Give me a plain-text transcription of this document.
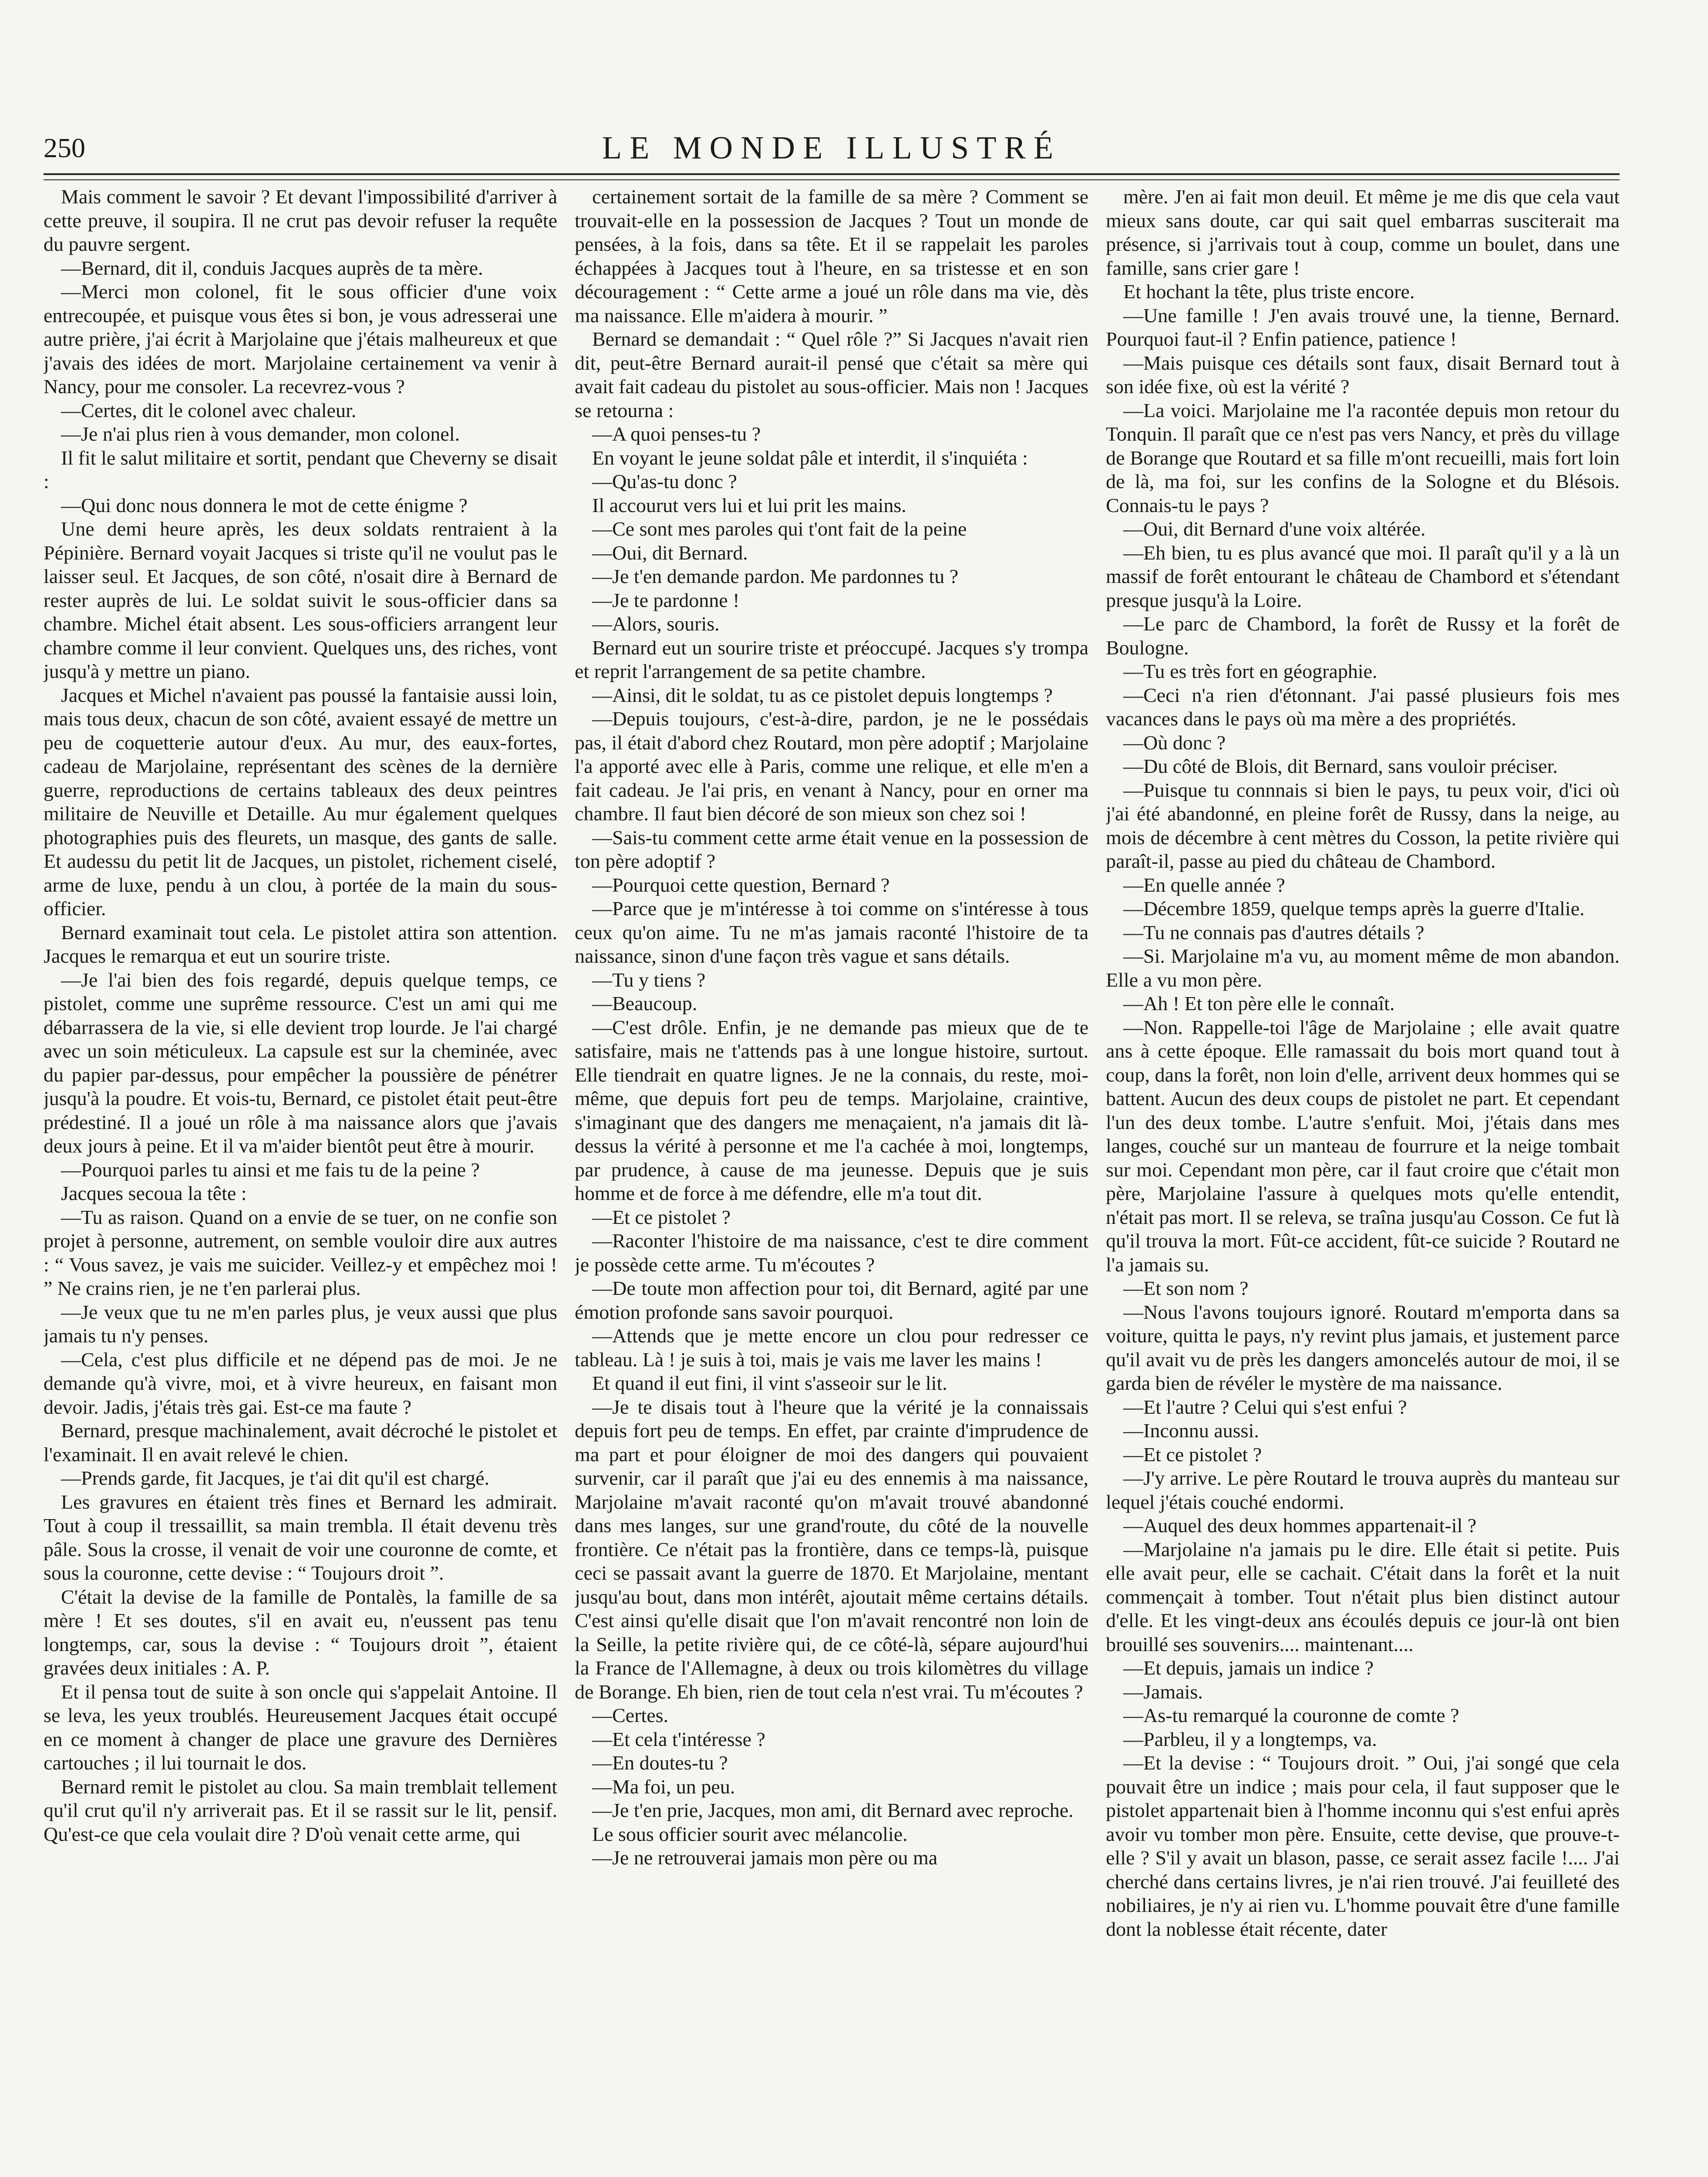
250	LE MONDE ILLUSTRÉ

Mais comment le savoir ? Et devant l'impossibilité d'arriver à cette preuve, il soupira. Il ne crut pas devoir refuser la requête du pauvre sergent.

—Bernard, dit il, conduis Jacques auprès de ta mère.

—Merci mon colonel, fit le sous officier d'une voix entrecoupée, et puisque vous êtes si bon, je vous adresserai une autre prière, j'ai écrit à Marjolaine que j'étais malheureux et que j'avais des idées de mort. Marjolaine certainement va venir à Nancy, pour me consoler. La recevrez-vous ?

—Certes, dit le colonel avec chaleur.

—Je n'ai plus rien à vous demander, mon colonel.

Il fit le salut militaire et sortit, pendant que Cheverny se disait :

—Qui donc nous donnera le mot de cette énigme ?

Une demi heure après, les deux soldats rentraient à la Pépinière. Bernard voyait Jacques si triste qu'il ne voulut pas le laisser seul. Et Jacques, de son côté, n'osait dire à Bernard de rester auprès de lui. Le soldat suivit le sous-officier dans sa chambre. Michel était absent. Les sous-officiers arrangent leur chambre comme il leur convient. Quelques uns, des riches, vont jusqu'à y mettre un piano.

Jacques et Michel n'avaient pas poussé la fantaisie aussi loin, mais tous deux, chacun de son côté, avaient essayé de mettre un peu de coquetterie autour d'eux. Au mur, des eaux-fortes, cadeau de Marjolaine, représentant des scènes de la dernière guerre, reproductions de certains tableaux des deux peintres militaire de Neuville et Detaille. Au mur également quelques photographies puis des fleurets, un masque, des gants de salle. Et audessu du petit lit de Jacques, un pistolet, richement ciselé, arme de luxe, pendu à un clou, à portée de la main du sous-officier.

Bernard examinait tout cela. Le pistolet attira son attention. Jacques le remarqua et eut un sourire triste.

—Je l'ai bien des fois regardé, depuis quelque temps, ce pistolet, comme une suprême ressource. C'est un ami qui me débarrassera de la vie, si elle devient trop lourde. Je l'ai chargé avec un soin méticuleux. La capsule est sur la cheminée, avec du papier par-dessus, pour empêcher la poussière de pénétrer jusqu'à la poudre. Et vois-tu, Bernard, ce pistolet était peut-être prédestiné. Il a joué un rôle à ma naissance alors que j'avais deux jours à peine. Et il va m'aider bientôt peut être à mourir.

—Pourquoi parles tu ainsi et me fais tu de la peine ?

Jacques secoua la tête :

—Tu as raison. Quand on a envie de se tuer, on ne confie son projet à personne, autrement, on semble vouloir dire aux autres : “ Vous savez, je vais me suicider. Veillez-y et empêchez moi ! ” Ne crains rien, je ne t'en parlerai plus.

—Je veux que tu ne m'en parles plus, je veux aussi que plus jamais tu n'y penses.

—Cela, c'est plus difficile et ne dépend pas de moi. Je ne demande qu'à vivre, moi, et à vivre heureux, en faisant mon devoir. Jadis, j'étais très gai. Est-ce ma faute ?

Bernard, presque machinalement, avait décroché le pistolet et l'examinait. Il en avait relevé le chien.

—Prends garde, fit Jacques, je t'ai dit qu'il est chargé.

Les gravures en étaient très fines et Bernard les admirait. Tout à coup il tressaillit, sa main trembla. Il était devenu très pâle. Sous la crosse, il venait de voir une couronne de comte, et sous la couronne, cette devise : “ Toujours droit ”.

C'était la devise de la famille de Pontalès, la famille de sa mère ! Et ses doutes, s'il en avait eu, n'eussent pas tenu longtemps, car, sous la devise : “ Toujours droit ”, étaient gravées deux initiales : A. P.

Et il pensa tout de suite à son oncle qui s'appelait Antoine. Il se leva, les yeux troublés. Heureusement Jacques était occupé en ce moment à changer de place une gravure des Dernières cartouches ; il lui tournait le dos.

Bernard remit le pistolet au clou. Sa main tremblait tellement qu'il crut qu'il n'y arriverait pas. Et il se rassit sur le lit, pensif. Qu'est-ce que cela voulait dire ? D'où venait cette arme, qui

certainement sortait de la famille de sa mère ? Comment se trouvait-elle en la possession de Jacques ? Tout un monde de pensées, à la fois, dans sa tête. Et il se rappelait les paroles échappées à Jacques tout à l'heure, en sa tristesse et en son découragement : “ Cette arme a joué un rôle dans ma vie, dès ma naissance. Elle m'aidera à mourir. ”

Bernard se demandait : “ Quel rôle ?” Si Jacques n'avait rien dit, peut-être Bernard aurait-il pensé que c'était sa mère qui avait fait cadeau du pistolet au sous-officier. Mais non ! Jacques se retourna :

—A quoi penses-tu ?

En voyant le jeune soldat pâle et interdit, il s'inquiéta :

—Qu'as-tu donc ?

Il accourut vers lui et lui prit les mains.

—Ce sont mes paroles qui t'ont fait de la peine

—Oui, dit Bernard.

—Je t'en demande pardon. Me pardonnes tu ?

—Je te pardonne !

—Alors, souris.

Bernard eut un sourire triste et préoccupé. Jacques s'y trompa et reprit l'arrangement de sa petite chambre.

—Ainsi, dit le soldat, tu as ce pistolet depuis longtemps ?

—Depuis toujours, c'est-à-dire, pardon, je ne le possédais pas, il était d'abord chez Routard, mon père adoptif ; Marjolaine l'a apporté avec elle à Paris, comme une relique, et elle m'en a fait cadeau. Je l'ai pris, en venant à Nancy, pour en orner ma chambre. Il faut bien décoré de son mieux son chez soi !

—Sais-tu comment cette arme était venue en la possession de ton père adoptif ?

—Pourquoi cette question, Bernard ?

—Parce que je m'intéresse à toi comme on s'intéresse à tous ceux qu'on aime. Tu ne m'as jamais raconté l'histoire de ta naissance, sinon d'une façon très vague et sans détails.

—Tu y tiens ?

—Beaucoup.

—C'est drôle. Enfin, je ne demande pas mieux que de te satisfaire, mais ne t'attends pas à une longue histoire, surtout. Elle tiendrait en quatre lignes. Je ne la connais, du reste, moi-même, que depuis fort peu de temps. Marjolaine, craintive, s'imaginant que des dangers me menaçaient, n'a jamais dit là-dessus la vérité à personne et me l'a cachée à moi, longtemps, par prudence, à cause de ma jeunesse. Depuis que je suis homme et de force à me défendre, elle m'a tout dit.

—Et ce pistolet ?

—Raconter l'histoire de ma naissance, c'est te dire comment je possède cette arme. Tu m'écoutes ?

—De toute mon affection pour toi, dit Bernard, agité par une émotion profonde sans savoir pourquoi.

—Attends que je mette encore un clou pour redresser ce tableau. Là ! je suis à toi, mais je vais me laver les mains !

Et quand il eut fini, il vint s'asseoir sur le lit.

—Je te disais tout à l'heure que la vérité je la connaissais depuis fort peu de temps. En effet, par crainte d'imprudence de ma part et pour éloigner de moi des dangers qui pouvaient survenir, car il paraît que j'ai eu des ennemis à ma naissance, Marjolaine m'avait raconté qu'on m'avait trouvé abandonné dans mes langes, sur une grand'route, du côté de la nouvelle frontière. Ce n'était pas la frontière, dans ce temps-là, puisque ceci se passait avant la guerre de 1870. Et Marjolaine, mentant jusqu'au bout, dans mon intérêt, ajoutait même certains détails. C'est ainsi qu'elle disait que l'on m'avait rencontré non loin de la Seille, la petite rivière qui, de ce côté-là, sépare aujourd'hui la France de l'Allemagne, à deux ou trois kilomètres du village de Borange. Eh bien, rien de tout cela n'est vrai. Tu m'écoutes ?

—Certes.

—Et cela t'intéresse ?

—En doutes-tu ?

—Ma foi, un peu.

—Je t'en prie, Jacques, mon ami, dit Bernard avec reproche.

Le sous officier sourit avec mélancolie.

—Je ne retrouverai jamais mon père ou ma

mère. J'en ai fait mon deuil. Et même je me dis que cela vaut mieux sans doute, car qui sait quel embarras susciterait ma présence, si j'arrivais tout à coup, comme un boulet, dans une famille, sans crier gare !

Et hochant la tête, plus triste encore.

—Une famille ! J'en avais trouvé une, la tienne, Bernard. Pourquoi faut-il ? Enfin patience, patience !

—Mais puisque ces détails sont faux, disait Bernard tout à son idée fixe, où est la vérité ?

—La voici. Marjolaine me l'a racontée depuis mon retour du Tonquin. Il paraît que ce n'est pas vers Nancy, et près du village de Borange que Routard et sa fille m'ont recueilli, mais fort loin de là, ma foi, sur les confins de la Sologne et du Blésois. Connais-tu le pays ?

—Oui, dit Bernard d'une voix altérée.

—Eh bien, tu es plus avancé que moi. Il paraît qu'il y a là un massif de forêt entourant le château de Chambord et s'étendant presque jusqu'à la Loire.

—Le parc de Chambord, la forêt de Russy et la forêt de Boulogne.

—Tu es très fort en géographie.

—Ceci n'a rien d'étonnant. J'ai passé plusieurs fois mes vacances dans le pays où ma mère a des propriétés.

—Où donc ?

—Du côté de Blois, dit Bernard, sans vouloir préciser.

—Puisque tu connnais si bien le pays, tu peux voir, d'ici où j'ai été abandonné, en pleine forêt de Russy, dans la neige, au mois de décembre à cent mètres du Cosson, la petite rivière qui paraît-il, passe au pied du château de Chambord.

—En quelle année ?

—Décembre 1859, quelque temps après la guerre d'Italie.

—Tu ne connais pas d'autres détails ?

—Si. Marjolaine m'a vu, au moment même de mon abandon. Elle a vu mon père.

—Ah ! Et ton père elle le connaît.

—Non. Rappelle-toi l'âge de Marjolaine ; elle avait quatre ans à cette époque. Elle ramassait du bois mort quand tout à coup, dans la forêt, non loin d'elle, arrivent deux hommes qui se battent. Aucun des deux coups de pistolet ne part. Et cependant l'un des deux tombe. L'autre s'enfuit. Moi, j'étais dans mes langes, couché sur un manteau de fourrure et la neige tombait sur moi. Cependant mon père, car il faut croire que c'était mon père, Marjolaine l'assure à quelques mots qu'elle entendit, n'était pas mort. Il se releva, se traîna jusqu'au Cosson. Ce fut là qu'il trouva la mort. Fût-ce accident, fût-ce suicide ? Routard ne l'a jamais su.

—Et son nom ?

—Nous l'avons toujours ignoré. Routard m'emporta dans sa voiture, quitta le pays, n'y revint plus jamais, et justement parce qu'il avait vu de près les dangers amoncelés autour de moi, il se garda bien de révéler le mystère de ma naissance.

—Et l'autre ? Celui qui s'est enfui ?

—Inconnu aussi.

—Et ce pistolet ?

—J'y arrive. Le père Routard le trouva auprès du manteau sur lequel j'étais couché endormi.

—Auquel des deux hommes appartenait-il ?

—Marjolaine n'a jamais pu le dire. Elle était si petite. Puis elle avait peur, elle se cachait. C'était dans la forêt et la nuit commençait à tomber. Tout n'était plus bien distinct autour d'elle. Et les vingt-deux ans écoulés depuis ce jour-là ont bien brouillé ses souvenirs.... maintenant....

—Et depuis, jamais un indice ?

—Jamais.

—As-tu remarqué la couronne de comte ?

—Parbleu, il y a longtemps, va.

—Et la devise : “ Toujours droit. ” Oui, j'ai songé que cela pouvait être un indice ; mais pour cela, il faut supposer que le pistolet appartenait bien à l'homme inconnu qui s'est enfui après avoir vu tomber mon père. Ensuite, cette devise, que prouve-t-elle ? S'il y avait un blason, passe, ce serait assez facile !.... J'ai cherché dans certains livres, je n'ai rien trouvé. J'ai feuilleté des nobiliaires, je n'y ai rien vu. L'homme pouvait être d'une famille dont la noblesse était récente, dater
